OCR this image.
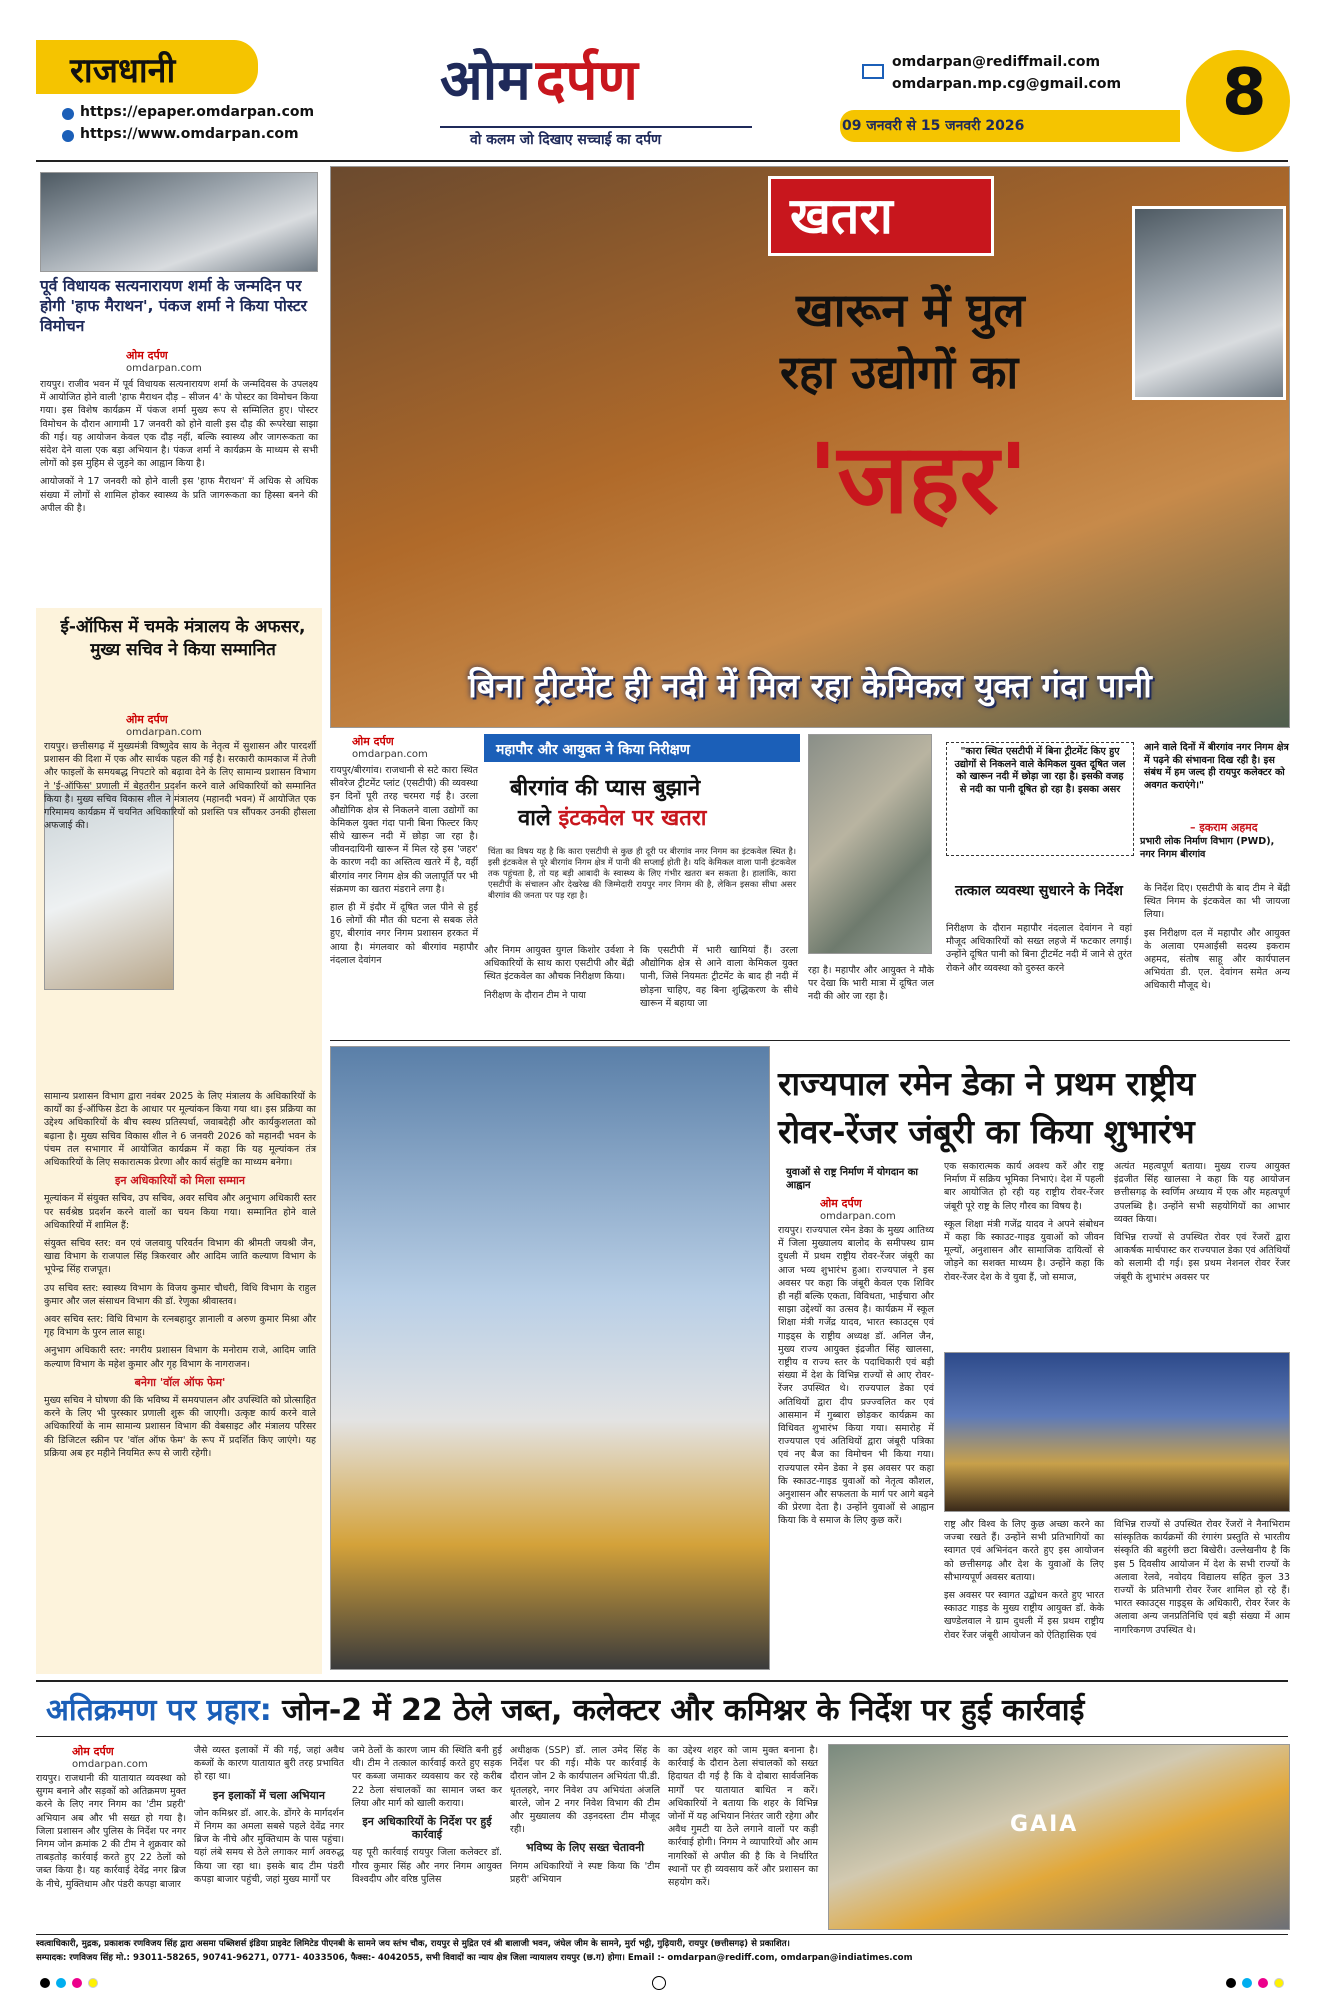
राजधानी
https://epaper.omdarpan.com
https://www.omdarpan.com
ओम दर्पण
वो कलम जो दिखाए सच्चाई का दर्पण
omdarpan@rediffmail.com
omdarpan.mp.cg@gmail.com
09 जनवरी से 15 जनवरी 2026	8
पूर्व विधायक सत्यनारायण शर्मा के जन्मदिन पर होगी 'हाफ मैराथन', पंकज शर्मा ने किया पोस्टर विमोचन
ओम दर्पण
omdarpan.com

रायपुर। राजीव भवन में पूर्व विधायक सत्यनारायण शर्मा के जन्मदिवस के उपलक्ष्य में आयोजित होने वाली 'हाफ मैराथन दौड़ – सीजन 4' के पोस्टर का विमोचन किया गया। इस विशेष कार्यक्रम में पंकज शर्मा मुख्य रूप से सम्मिलित हुए। पोस्टर विमोचन के दौरान आगामी 17 जनवरी को होने वाली इस दौड़ की रूपरेखा साझा की गई। यह आयोजन केवल एक दौड़ नहीं, बल्कि स्वास्थ्य और जागरूकता का संदेश देने वाला एक बड़ा अभियान है। पंकज शर्मा ने कार्यक्रम के माध्यम से सभी लोगों को इस मुहिम से जुड़ने का आह्वान किया है।

आयोजकों ने 17 जनवरी को होने वाली इस 'हाफ मैराथन' में अधिक से अधिक संख्या में लोगों से शामिल होकर स्वास्थ्य के प्रति जागरूकता का हिस्सा बनने की अपील की है।

ई-ऑफिस में चमके मंत्रालय के अफसर, मुख्य सचिव ने किया सम्मानित
ओम दर्पण
omdarpan.com

रायपुर। छत्तीसगढ़ में मुख्यमंत्री विष्णुदेव साय के नेतृत्व में सुशासन और पारदर्शी प्रशासन की दिशा में एक और सार्थक पहल की गई है। सरकारी कामकाज में तेजी और फाइलों के समयबद्ध निपटारे को बढ़ावा देने के लिए सामान्य प्रशासन विभाग ने 'ई-ऑफिस' प्रणाली में बेहतरीन प्रदर्शन करने वाले अधिकारियों को सम्मानित किया है। मुख्य सचिव विकास शील ने मंत्रालय (महानदी भवन) में आयोजित एक गरिमामय कार्यक्रम में चयनित अधिकारियों को प्रशस्ति पत्र सौंपकर उनकी हौसला अफजाई की।

सामान्य प्रशासन विभाग द्वारा नवंबर 2025 के लिए मंत्रालय के अधिकारियों के कार्यों का ई-ऑफिस डेटा के आधार पर मूल्यांकन किया गया था। इस प्रक्रिया का उद्देश्य अधिकारियों के बीच स्वस्थ प्रतिस्पर्धा, जवाबदेही और कार्यकुशलता को बढ़ाना है। मुख्य सचिव विकास शील ने 6 जनवरी 2026 को महानदी भवन के पंचम तल सभागार में आयोजित कार्यक्रम में कहा कि यह मूल्यांकन तंत्र अधिकारियों के लिए सकारात्मक प्रेरणा और कार्य संतुष्टि का माध्यम बनेगा।

इन अधिकारियों को मिला सम्मान

मूल्यांकन में संयुक्त सचिव, उप सचिव, अवर सचिव और अनुभाग अधिकारी स्तर पर सर्वश्रेष्ठ प्रदर्शन करने वालों का चयन किया गया। सम्मानित होने वाले अधिकारियों में शामिल हैं:

संयुक्त सचिव स्तर: वन एवं जलवायु परिवर्तन विभाग की श्रीमती जयश्री जैन, खाद्य विभाग के राजपाल सिंह त्रिकरवार और आदिम जाति कल्याण विभाग के भूपेन्द्र सिंह राजपूत।

उप सचिव स्तर: स्वास्थ्य विभाग के विजय कुमार चौधरी, विधि विभाग के राहुल कुमार और जल संसाधन विभाग की डॉ. रेणुका श्रीवास्तव।

अवर सचिव स्तर: विधि विभाग के रत्नबहादुर ज्ञानाली व अरुण कुमार मिश्रा और गृह विभाग के पुरन लाल साहू।

अनुभाग अधिकारी स्तर: नगरीय प्रशासन विभाग के मनोराम राजे, आदिम जाति कल्याण विभाग के महेश कुमार और गृह विभाग के नागराजन।

बनेगा 'वॉल ऑफ फेम'

मुख्य सचिव ने घोषणा की कि भविष्य में समयपालन और उपस्थिति को प्रोत्साहित करने के लिए भी पुरस्कार प्रणाली शुरू की जाएगी। उत्कृष्ट कार्य करने वाले अधिकारियों के नाम सामान्य प्रशासन विभाग की वेबसाइट और मंत्रालय परिसर की डिजिटल स्क्रीन पर 'वॉल ऑफ फेम' के रूप में प्रदर्शित किए जाएंगे। यह प्रक्रिया अब हर महीने नियमित रूप से जारी रहेगी।

खतरा
खारून में घुल
रहा उद्योगों का
'जहर'
बिना ट्रीटमेंट ही नदी में मिल रहा केमिकल युक्त गंदा पानी
ओम दर्पण
omdarpan.com

रायपुर/बीरगांव। राजधानी से सटे कारा स्थित सीवरेज ट्रीटमेंट प्लांट (एसटीपी) की व्यवस्था इन दिनों पूरी तरह चरमरा गई है। उरला औद्योगिक क्षेत्र से निकलने वाला उद्योगों का केमिकल युक्त गंदा पानी बिना फिल्टर किए सीधे खारून नदी में छोड़ा जा रहा है। जीवनदायिनी खारून में मिल रहे इस 'जहर' के कारण नदी का अस्तित्व खतरे में है, वहीं बीरगांव नगर निगम क्षेत्र की जलापूर्ति पर भी संक्रमण का खतरा मंडराने लगा है।

हाल ही में इंदौर में दूषित जल पीने से हुई 16 लोगों की मौत की घटना से सबक लेते हुए, बीरगांव नगर निगम प्रशासन हरकत में आया है। मंगलवार को बीरगांव महापौर नंदलाल देवांगन

महापौर और आयुक्त ने किया निरीक्षण
बीरगांव की प्यास बुझाने
वाले इंटकवेल पर खतरा

चिंता का विषय यह है कि कारा एसटीपी से कुछ ही दूरी पर बीरगांव नगर निगम का इंटकवेल स्थित है। इसी इंटकवेल से पूरे बीरगांव निगम क्षेत्र में पानी की सप्लाई होती है। यदि केमिकल वाला पानी इंटकवेल तक पहुंचता है, तो यह बड़ी आबादी के स्वास्थ्य के लिए गंभीर खतरा बन सकता है। हालांकि, कारा एसटीपी के संचालन और देखरेख की जिम्मेदारी रायपुर नगर निगम की है, लेकिन इसका सीधा असर बीरगांव की जनता पर पड़ रहा है।

"कारा स्थित एसटीपी में बिना ट्रीटमेंट किए हुए उद्योगों से निकलने वाले केमिकल युक्त दूषित जल को खारून नदी में छोड़ा जा रहा है। इसकी वजह से नदी का पानी दूषित हो रहा है। इसका असर
आने वाले दिनों में बीरगांव नगर निगम क्षेत्र में पढ़ने की संभावना दिख रही है। इस संबंध में हम जल्द ही रायपुर कलेक्टर को अवगत कराएंगे।"
– इकराम अहमद
प्रभारी लोक निर्माण विभाग (PWD), नगर निगम बीरगांव

और निगम आयुक्त युगल किशोर उर्वशा ने अधिकारियों के साथ कारा एसटीपी और बेंद्री स्थित इंटकवेल का औचक निरीक्षण किया।

निरीक्षण के दौरान टीम ने पाया

कि एसटीपी में भारी खामियां हैं। उरला औद्योगिक क्षेत्र से आने वाला केमिकल युक्त पानी, जिसे नियमतः ट्रीटमेंट के बाद ही नदी में छोड़ना चाहिए, वह बिना शुद्धिकरण के सीधे खारून में बहाया जा

रहा है। महापौर और आयुक्त ने मौके पर देखा कि भारी मात्रा में दूषित जल नदी की ओर जा रहा है।

तत्काल व्यवस्था सुधारने के निर्देश

निरीक्षण के दौरान महापौर नंदलाल देवांगन ने वहां मौजूद अधिकारियों को सख्त लहजे में फटकार लगाई। उन्होंने दूषित पानी को बिना ट्रीटमेंट नदी में जाने से तुरंत रोकने और व्यवस्था को दुरुस्त करने

के निर्देश दिए। एसटीपी के बाद टीम ने बेंद्री स्थित निगम के इंटकवेल का भी जायजा लिया।

इस निरीक्षण दल में महापौर और आयुक्त के अलावा एमआईसी सदस्य इकराम अहमद, संतोष साहू और कार्यपालन अभियंता डी. एल. देवांगन समेत अन्य अधिकारी मौजूद थे।

राज्यपाल रमेन डेका ने प्रथम राष्ट्रीय
रोवर-रेंजर जंबूरी का किया शुभारंभ
युवाओं से राष्ट्र निर्माण में योगदान का आह्वान
ओम दर्पण
omdarpan.com

रायपुर। राज्यपाल रमेन डेका के मुख्य आतिथ्य में जिला मुख्यालय बालोद के समीपस्थ ग्राम दुधली में प्रथम राष्ट्रीय रोवर-रेंजर जंबूरी का आज भव्य शुभारंभ हुआ। राज्यपाल ने इस अवसर पर कहा कि जंबूरी केवल एक शिविर ही नहीं बल्कि एकता, विविधता, भाईचारा और साझा उद्देश्यों का उत्सव है। कार्यक्रम में स्कूल शिक्षा मंत्री गजेंद्र यादव, भारत स्काउट्स एवं गाइड्स के राष्ट्रीय अध्यक्ष डॉ. अनिल जैन, मुख्य राज्य आयुक्त इंद्रजीत सिंह खालसा, राष्ट्रीय व राज्य स्तर के पदाधिकारी एवं बड़ी संख्या में देश के विभिन्न राज्यों से आए रोवर-रेंजर उपस्थित थे। राज्यपाल डेका एवं अतिथियों द्वारा दीप प्रज्ज्वलित कर एवं आसमान में गुब्बारा छोड़कर कार्यक्रम का विधिवत शुभारंभ किया गया। समारोह में राज्यपाल एवं अतिथियों द्वारा जंबूरी पत्रिका एवं नए बैज का विमोचन भी किया गया। राज्यपाल रमेन डेका ने इस अवसर पर कहा कि स्काउट-गाइड युवाओं को नेतृत्व कौशल, अनुशासन और सफलता के मार्ग पर आगे बढ़ने की प्रेरणा देता है। उन्होंने युवाओं से आह्वान किया कि वे समाज के लिए कुछ करें।

एक सकारात्मक कार्य अवश्य करें और राष्ट्र निर्माण में सक्रिय भूमिका निभाएं। देश में पहली बार आयोजित हो रही यह राष्ट्रीय रोवर-रेंजर जंबूरी पूरे राष्ट्र के लिए गौरव का विषय है।

स्कूल शिक्षा मंत्री गजेंद्र यादव ने अपने संबोधन में कहा कि स्काउट-गाइड युवाओं को जीवन मूल्यों, अनुशासन और सामाजिक दायित्वों से जोड़ने का सशक्त माध्यम है। उन्होंने कहा कि रोवर-रेंजर देश के वे युवा हैं, जो समाज,

अत्यंत महत्वपूर्ण बताया। मुख्य राज्य आयुक्त इंद्रजीत सिंह खालसा ने कहा कि यह आयोजन छत्तीसगढ़ के स्वर्णिम अध्याय में एक और महत्वपूर्ण उपलब्धि है। उन्होंने सभी सहयोगियों का आभार व्यक्त किया।

विभिन्न राज्यों से उपस्थित रोवर एवं रेंजरों द्वारा आकर्षक मार्चपास्ट कर राज्यपाल डेका एवं अतिथियों को सलामी दी गई। इस प्रथम नेशनल रोवर रेंजर जंबूरी के शुभारंभ अवसर पर

राष्ट्र और विश्व के लिए कुछ अच्छा करने का जज्बा रखते हैं। उन्होंने सभी प्रतिभागियों का स्वागत एवं अभिनंदन करते हुए इस आयोजन को छत्तीसगढ़ और देश के युवाओं के लिए सौभाग्यपूर्ण अवसर बताया।

इस अवसर पर स्वागत उद्बोधन करते हुए भारत स्काउट गाइड के मुख्य राष्ट्रीय आयुक्त डॉ. केके खण्डेलवाल ने ग्राम दुधली में इस प्रथम राष्ट्रीय रोवर रेंजर जंबूरी आयोजन को ऐतिहासिक एवं

विभिन्न राज्यों से उपस्थित रोवर रेंजरों ने नैनाभिराम सांस्कृतिक कार्यक्रमों की रंगारंग प्रस्तुति से भारतीय संस्कृति की बहुरंगी छटा बिखेरी। उल्लेखनीय है कि इस 5 दिवसीय आयोजन में देश के सभी राज्यों के अलावा रेलवे, नवोदय विद्यालय सहित कुल 33 राज्यों के प्रतिभागी रोवर रेंजर शामिल हो रहे हैं। भारत स्काउट्स गाइड्स के अधिकारी, रोवर रेंजर के अलावा अन्य जनप्रतिनिधि एवं बड़ी संख्या में आम नागरिकगण उपस्थित थे।

अतिक्रमण पर प्रहार: जोन-2 में 22 ठेले जब्त, कलेक्टर और कमिश्नर के निर्देश पर हुई कार्रवाई
ओम दर्पण
omdarpan.com

रायपुर। राजधानी की यातायात व्यवस्था को सुगम बनाने और सड़कों को अतिक्रमण मुक्त करने के लिए नगर निगम का 'टीम प्रहरी' अभियान अब और भी सख्त हो गया है। जिला प्रशासन और पुलिस के निर्देश पर नगर निगम जोन क्रमांक 2 की टीम ने शुक्रवार को ताबड़तोड़ कार्रवाई करते हुए 22 ठेलों को जब्त किया है। यह कार्रवाई देवेंद्र नगर ब्रिज के नीचे, मुक्तिधाम और पंडरी कपड़ा बाजार

जैसे व्यस्त इलाकों में की गई, जहां अवैध कब्जों के कारण यातायात बुरी तरह प्रभावित हो रहा था।

इन इलाकों में चला अभियान

जोन कमिश्नर डॉ. आर.के. डोंगरे के मार्गदर्शन में निगम का अमला सबसे पहले देवेंद्र नगर ब्रिज के नीचे और मुक्तिधाम के पास पहुंचा। यहां लंबे समय से ठेले लगाकर मार्ग अवरुद्ध किया जा रहा था। इसके बाद टीम पंडरी कपड़ा बाजार पहुंची, जहां मुख्य मार्गों पर

जमे ठेलों के कारण जाम की स्थिति बनी हुई थी। टीम ने तत्काल कार्रवाई करते हुए सड़क पर कब्जा जमाकर व्यवसाय कर रहे करीब 22 ठेला संचालकों का सामान जब्त कर लिया और मार्ग को खाली कराया।

इन अधिकारियों के निर्देश पर हुई कार्रवाई

यह पूरी कार्रवाई रायपुर जिला कलेक्टर डॉ. गौरव कुमार सिंह और नगर निगम आयुक्त विश्वदीप और वरिष्ठ पुलिस

अधीक्षक (SSP) डॉ. लाल उमेद सिंह के निर्देश पर की गई। मौके पर कार्रवाई के दौरान जोन 2 के कार्यपालन अभियंता पी.डी. धृतलहरे, नगर निवेश उप अभियंता अंजलि बारले, जोन 2 नगर निवेश विभाग की टीम और मुख्यालय की उड़नदस्ता टीम मौजूद रही।

भविष्य के लिए सख्त चेतावनी

निगम अधिकारियों ने स्पष्ट किया कि 'टीम प्रहरी' अभियान

का उद्देश्य शहर को जाम मुक्त बनाना है। कार्रवाई के दौरान ठेला संचालकों को सख्त हिदायत दी गई है कि वे दोबारा सार्वजनिक मार्गों पर यातायात बाधित न करें। अधिकारियों ने बताया कि शहर के विभिन्न जोनों में यह अभियान निरंतर जारी रहेगा और अवैध गुमटी या ठेले लगाने वालों पर कड़ी कार्रवाई होगी। निगम ने व्यापारियों और आम नागरिकों से अपील की है कि वे निर्धारित स्थानों पर ही व्यवसाय करें और प्रशासन का सहयोग करें।

GAIA
स्वत्वाधिकारी, मुद्रक, प्रकाशक रणविजय सिंह द्वारा असमा पब्लिशर्स इंडिया प्राइवेट लिमिटेड पीएनबी के सामने जय स्तंभ चौक, रायपुर से मुद्रित एवं श्री बालाजी भवन, जंघेल जीम के सामने, मुर्रा भट्ठी, गुढ़ियारी, रायपुर (छत्तीसगढ़) से प्रकाशित।
सम्पादक: रणविजय सिंह मो.: 93011-58265, 90741-96271, 0771- 4033506, फैक्स:- 4042055, सभी विवादों का न्याय क्षेत्र जिला न्यायालय रायपुर (छ.ग) होगा। Email :- omdarpan@rediff.com, omdarpan@indiatimes.com
